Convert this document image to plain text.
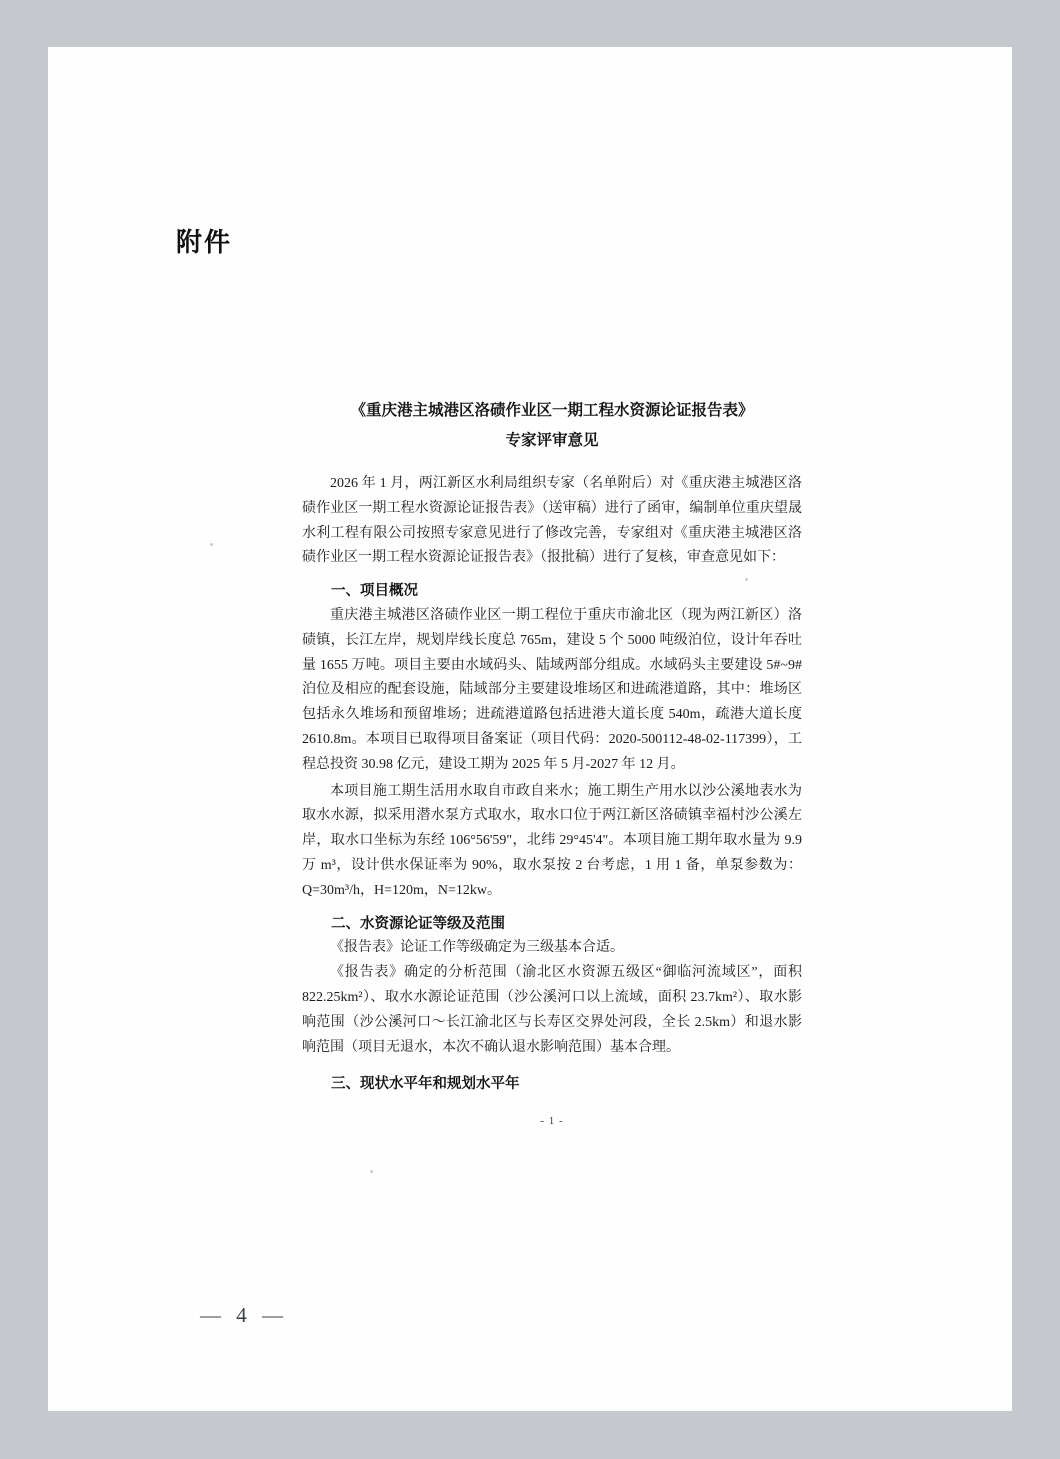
附件
《重庆港主城港区洛碛作业区一期工程水资源论证报告表》
专家评审意见

2026 年 1 月，两江新区水利局组织专家（名单附后）对《重庆港主城港区洛碛作业区一期工程水资源论证报告表》（送审稿）进行了函审，编制单位重庆望晟水利工程有限公司按照专家意见进行了修改完善，专家组对《重庆港主城港区洛碛作业区一期工程水资源论证报告表》（报批稿）进行了复核，审查意见如下：

一、项目概况

重庆港主城港区洛碛作业区一期工程位于重庆市渝北区（现为两江新区）洛碛镇，长江左岸，规划岸线长度总 765m，建设 5 个 5000 吨级泊位，设计年吞吐量 1655 万吨。项目主要由水域码头、陆域两部分组成。水域码头主要建设 5#~9#泊位及相应的配套设施，陆域部分主要建设堆场区和进疏港道路，其中：堆场区包括永久堆场和预留堆场；进疏港道路包括进港大道长度 540m，疏港大道长度 2610.8m。本项目已取得项目备案证（项目代码：2020-500112-48-02-117399），工程总投资 30.98 亿元，建设工期为 2025 年 5 月-2027 年 12 月。

本项目施工期生活用水取自市政自来水；施工期生产用水以沙公溪地表水为取水水源，拟采用潜水泵方式取水，取水口位于两江新区洛碛镇幸福村沙公溪左岸，取水口坐标为东经 106°56'59"，北纬 29°45'4"。本项目施工期年取水量为 9.9 万 m³，设计供水保证率为 90%，取水泵按 2 台考虑，1 用 1 备，单泵参数为：Q=30m³/h，H=120m，N=12kw。

二、水资源论证等级及范围

《报告表》论证工作等级确定为三级基本合适。

《报告表》确定的分析范围（渝北区水资源五级区“御临河流域区”，面积 822.25km²）、取水水源论证范围（沙公溪河口以上流域，面积 23.7km²）、取水影响范围（沙公溪河口～长江渝北区与长寿区交界处河段，全长 2.5km）和退水影响范围（项目无退水，本次不确认退水影响范围）基本合理。

三、现状水平年和规划水平年
- 1 -
— 4 —
